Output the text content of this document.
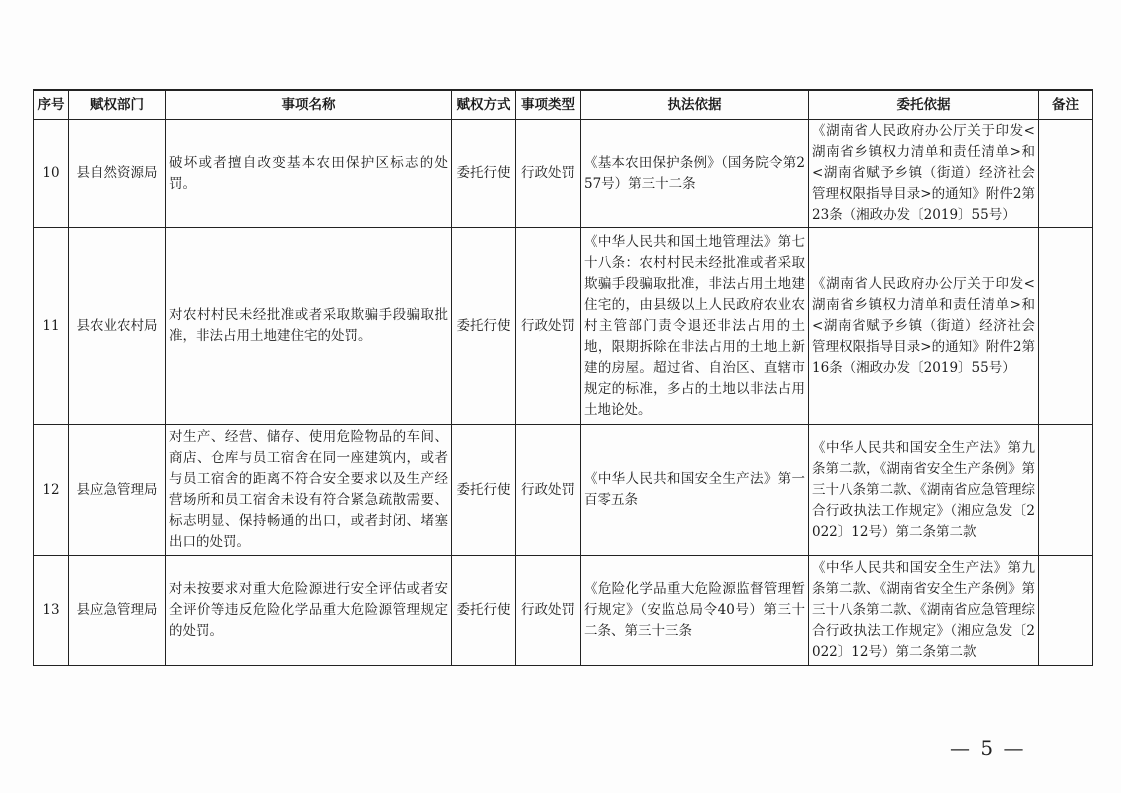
序号	赋权部门	事项名称	赋权方式	事项类型	执法依据	委托依据	备注
10	县自然资源局	破坏或者擅自改变基本农田保护区标志的处罚。	委托行使	行政处罚	《基本农田保护条例》（国务院令第257号）第三十二条	《湖南省人民政府办公厅关于印发<湖南省乡镇权力清单和责任清单>和<湖南省赋予乡镇（街道）经济社会管理权限指导目录>的通知》附件2第23条（湘政办发〔2019〕55号）	
11	县农业农村局	对农村村民未经批准或者采取欺骗手段骗取批准，非法占用土地建住宅的处罚。	委托行使	行政处罚	《中华人民共和国土地管理法》第七十八条：农村村民未经批准或者采取欺骗手段骗取批准，非法占用土地建住宅的，由县级以上人民政府农业农村主管部门责令退还非法占用的土地，限期拆除在非法占用的土地上新建的房屋。超过省、自治区、直辖市规定的标准，多占的土地以非法占用土地论处。	《湖南省人民政府办公厅关于印发<湖南省乡镇权力清单和责任清单>和<湖南省赋予乡镇（街道）经济社会管理权限指导目录>的通知》附件2第16条（湘政办发〔2019〕55号）	
12	县应急管理局	对生产、经营、储存、使用危险物品的车间、商店、仓库与员工宿舍在同一座建筑内，或者与员工宿舍的距离不符合安全要求以及生产经营场所和员工宿舍未设有符合紧急疏散需要、标志明显、保持畅通的出口，或者封闭、堵塞出口的处罚。	委托行使	行政处罚	《中华人民共和国安全生产法》第一百零五条	《中华人民共和国安全生产法》第九条第二款，《湖南省安全生产条例》第三十八条第二款、《湖南省应急管理综合行政执法工作规定》（湘应急发〔2022〕12号）第二条第二款	
13	县应急管理局	对未按要求对重大危险源进行安全评估或者安全评价等违反危险化学品重大危险源管理规定的处罚。	委托行使	行政处罚	《危险化学品重大危险源监督管理暂行规定》（安监总局令40号）第三十二条、第三十三条	《中华人民共和国安全生产法》第九条第二款、《湖南省安全生产条例》第三十八条第二款、《湖南省应急管理综合行政执法工作规定》（湘应急发〔2022〕12号）第二条第二款	
— 5 —
